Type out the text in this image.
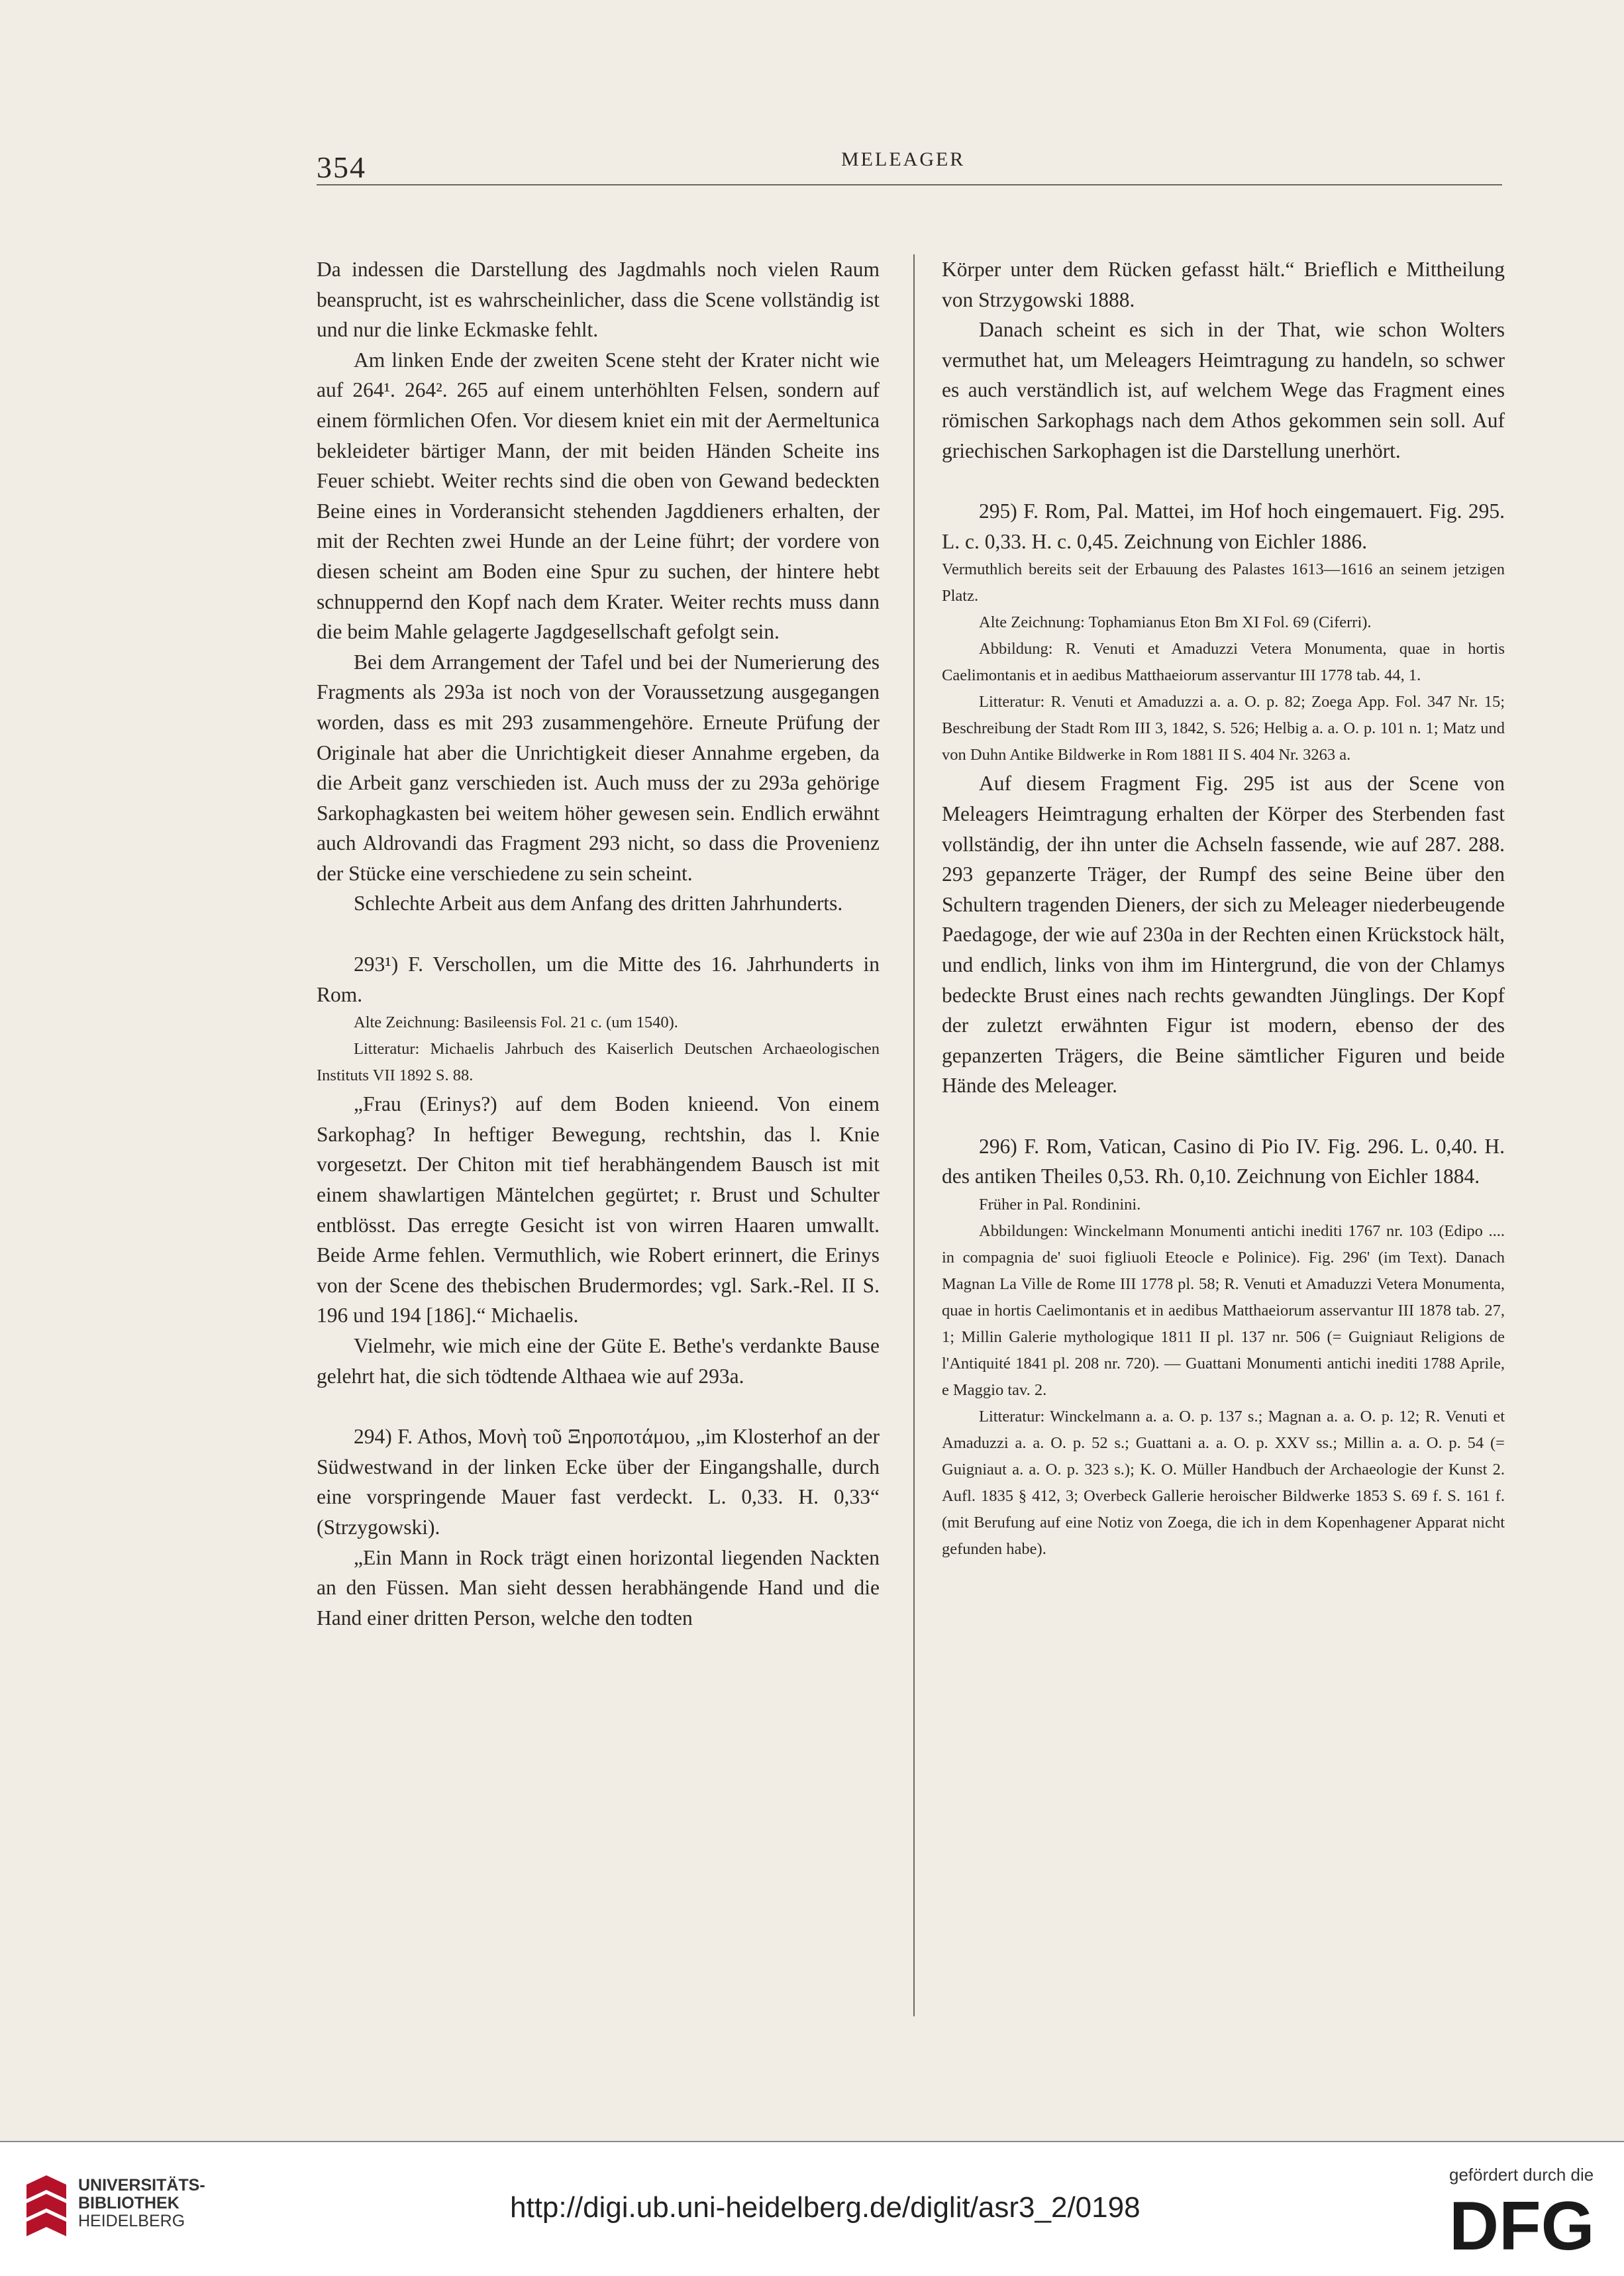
354	MELEAGER

Da indessen die Darstellung des Jagdmahls noch vielen Raum beansprucht, ist es wahrscheinlicher, dass die Scene vollständig ist und nur die linke Eckmaske fehlt.

Am linken Ende der zweiten Scene steht der Krater nicht wie auf 264¹. 264². 265 auf einem unterhöhlten Felsen, sondern auf einem förmlichen Ofen. Vor diesem kniet ein mit der Aermeltunica bekleideter bärtiger Mann, der mit beiden Händen Scheite ins Feuer schiebt. Weiter rechts sind die oben von Gewand bedeckten Beine eines in Vorderansicht stehenden Jagddieners erhalten, der mit der Rechten zwei Hunde an der Leine führt; der vordere von diesen scheint am Boden eine Spur zu suchen, der hintere hebt schnuppernd den Kopf nach dem Krater. Weiter rechts muss dann die beim Mahle gelagerte Jagdgesellschaft gefolgt sein.

Bei dem Arrangement der Tafel und bei der Numerierung des Fragments als 293a ist noch von der Voraussetzung ausgegangen worden, dass es mit 293 zusammengehöre. Erneute Prüfung der Originale hat aber die Unrichtigkeit dieser Annahme ergeben, da die Arbeit ganz verschieden ist. Auch muss der zu 293a gehörige Sarkophagkasten bei weitem höher gewesen sein. Endlich erwähnt auch Aldrovandi das Fragment 293 nicht, so dass die Provenienz der Stücke eine verschiedene zu sein scheint.

Schlechte Arbeit aus dem Anfang des dritten Jahrhunderts.

293¹) F. Verschollen, um die Mitte des 16. Jahrhunderts in Rom.

Alte Zeichnung: Basileensis Fol. 21 c. (um 1540).

Litteratur: Michaelis Jahrbuch des Kaiserlich Deutschen Archaeologischen Instituts VII 1892 S. 88.

„Frau (Erinys?) auf dem Boden knieend. Von einem Sarkophag? In heftiger Bewegung, rechtshin, das l. Knie vorgesetzt. Der Chiton mit tief herabhängendem Bausch ist mit einem shawlartigen Mäntelchen gegürtet; r. Brust und Schulter entblösst. Das erregte Gesicht ist von wirren Haaren umwallt. Beide Arme fehlen. Vermuthlich, wie Robert erinnert, die Erinys von der Scene des thebischen Brudermordes; vgl. Sark.-Rel. II S. 196 und 194 [186].“ Michaelis.

Vielmehr, wie mich eine der Güte E. Bethe's verdankte Bause gelehrt hat, die sich tödtende Althaea wie auf 293a.

294) F. Athos, Μονὴ τοῦ Ξηροποτάμου, „im Klosterhof an der Südwestwand in der linken Ecke über der Eingangshalle, durch eine vorspringende Mauer fast verdeckt. L. 0,33. H. 0,33“ (Strzygowski).

„Ein Mann in Rock trägt einen horizontal liegenden Nackten an den Füssen. Man sieht dessen herabhängende Hand und die Hand einer dritten Person, welche den todten

Körper unter dem Rücken gefasst hält.“ Brieflich e Mittheilung von Strzygowski 1888.

Danach scheint es sich in der That, wie schon Wolters vermuthet hat, um Meleagers Heimtragung zu handeln, so schwer es auch verständlich ist, auf welchem Wege das Fragment eines römischen Sarkophags nach dem Athos gekommen sein soll. Auf griechischen Sarkophagen ist die Darstellung unerhört.

295) F. Rom, Pal. Mattei, im Hof hoch eingemauert. Fig. 295. L. c. 0,33. H. c. 0,45. Zeichnung von Eichler 1886.

Vermuthlich bereits seit der Erbauung des Palastes 1613—1616 an seinem jetzigen Platz.

Alte Zeichnung: Tophamianus Eton Bm XI Fol. 69 (Ciferri).

Abbildung: R. Venuti et Amaduzzi Vetera Monumenta, quae in hortis Caelimontanis et in aedibus Matthaeiorum asservantur III 1778 tab. 44, 1.

Litteratur: R. Venuti et Amaduzzi a. a. O. p. 82; Zoega App. Fol. 347 Nr. 15; Beschreibung der Stadt Rom III 3, 1842, S. 526; Helbig a. a. O. p. 101 n. 1; Matz und von Duhn Antike Bildwerke in Rom 1881 II S. 404 Nr. 3263 a.

Auf diesem Fragment Fig. 295 ist aus der Scene von Meleagers Heimtragung erhalten der Körper des Sterbenden fast vollständig, der ihn unter die Achseln fassende, wie auf 287. 288. 293 gepanzerte Träger, der Rumpf des seine Beine über den Schultern tragenden Dieners, der sich zu Meleager niederbeugende Paedagoge, der wie auf 230a in der Rechten einen Krückstock hält, und endlich, links von ihm im Hintergrund, die von der Chlamys bedeckte Brust eines nach rechts gewandten Jünglings. Der Kopf der zuletzt erwähnten Figur ist modern, ebenso der des gepanzerten Trägers, die Beine sämtlicher Figuren und beide Hände des Meleager.

296) F. Rom, Vatican, Casino di Pio IV. Fig. 296. L. 0,40. H. des antiken Theiles 0,53. Rh. 0,10. Zeichnung von Eichler 1884.

Früher in Pal. Rondinini.

Abbildungen: Winckelmann Monumenti antichi inediti 1767 nr. 103 (Edipo .... in compagnia de' suoi figliuoli Eteocle e Polinice). Fig. 296' (im Text). Danach Magnan La Ville de Rome III 1778 pl. 58; R. Venuti et Amaduzzi Vetera Monumenta, quae in hortis Caelimontanis et in aedibus Matthaeiorum asservantur III 1878 tab. 27, 1; Millin Galerie mythologique 1811 II pl. 137 nr. 506 (= Guigniaut Religions de l'Antiquité 1841 pl. 208 nr. 720). — Guattani Monumenti antichi inediti 1788 Aprile, e Maggio tav. 2.

Litteratur: Winckelmann a. a. O. p. 137 s.; Magnan a. a. O. p. 12; R. Venuti et Amaduzzi a. a. O. p. 52 s.; Guattani a. a. O. p. XXV ss.; Millin a. a. O. p. 54 (= Guigniaut a. a. O. p. 323 s.); K. O. Müller Handbuch der Archaeologie der Kunst 2. Aufl. 1835 § 412, 3; Overbeck Gallerie heroischer Bildwerke 1853 S. 69 f. S. 161 f. (mit Berufung auf eine Notiz von Zoega, die ich in dem Kopenhagener Apparat nicht gefunden habe).

UNIVERSITÄTS-
BIBLIOTHEK
HEIDELBERG	http://digi.ub.uni-heidelberg.de/diglit/asr3_2/0198
gefördert durch die
DFG
